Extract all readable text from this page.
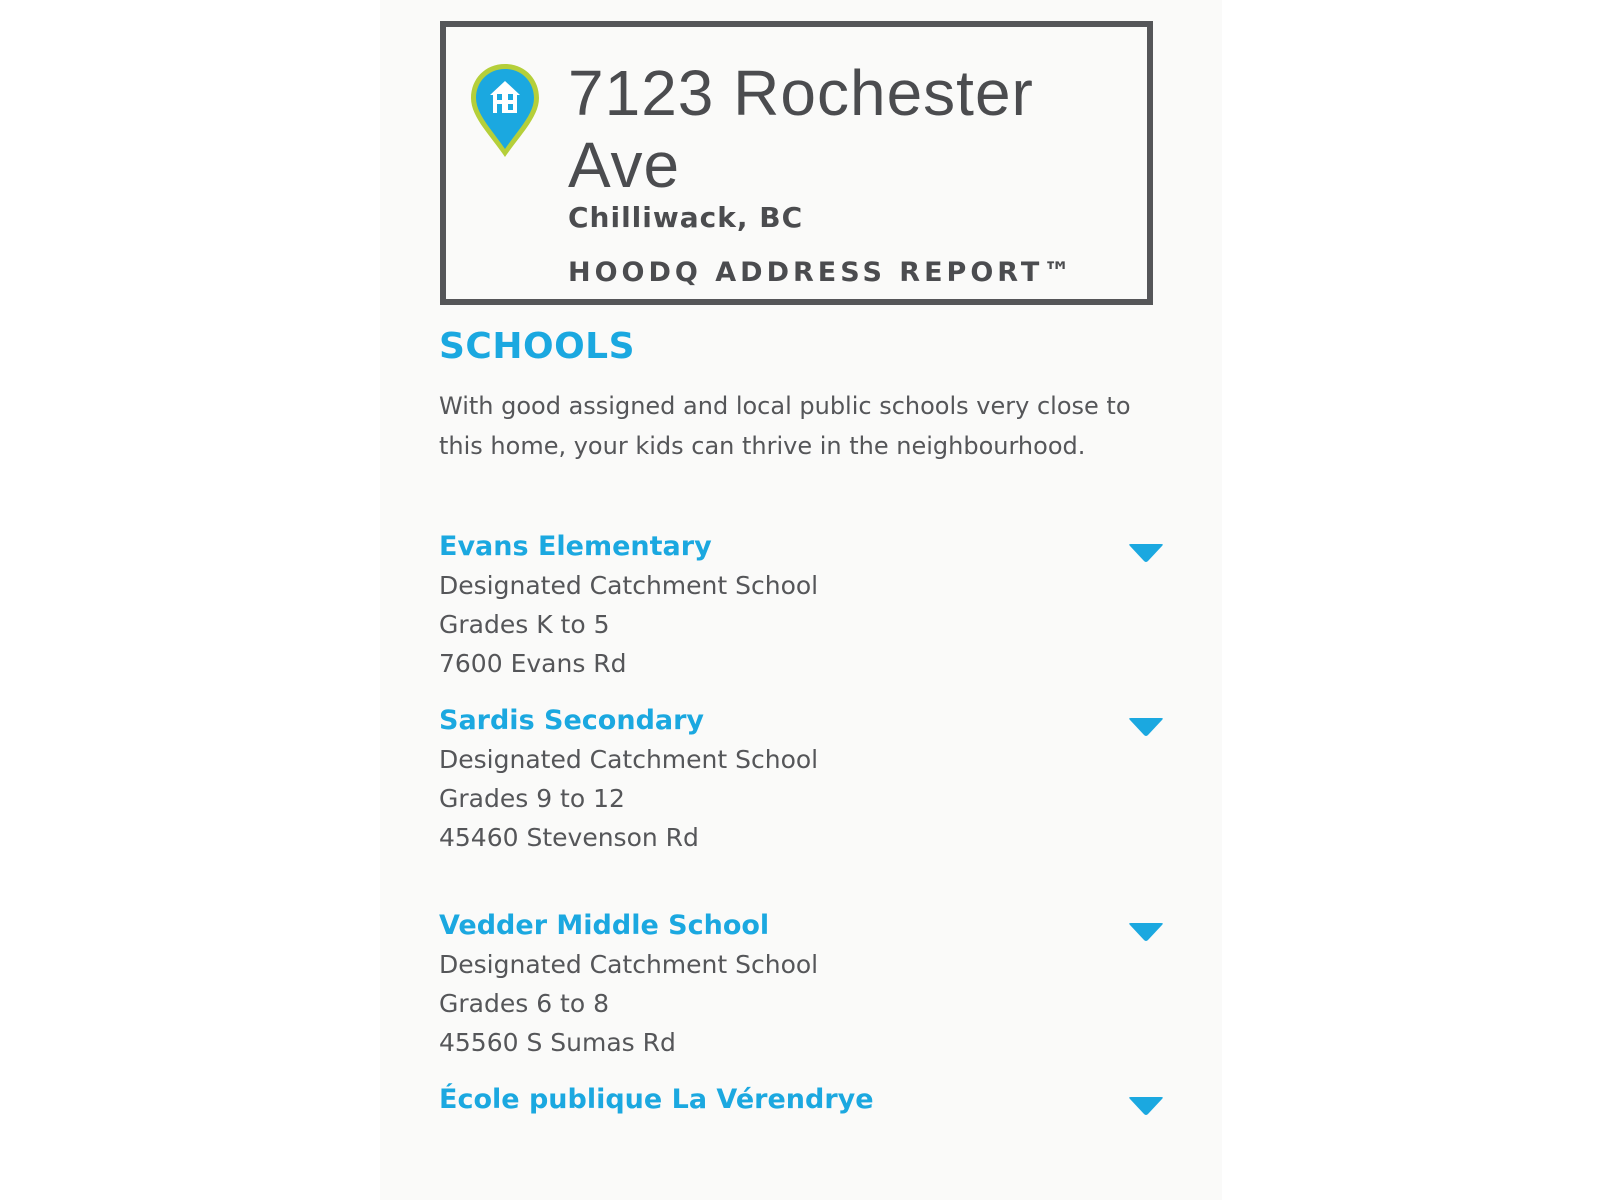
7123 Rochester Ave
Chilliwack, BC
HOODQ ADDRESS REPORT™
SCHOOLS
With good assigned and local public schools very close to this home, your kids can thrive in the neighbourhood.
Evans Elementary
Designated Catchment School
Grades K to 5
7600 Evans Rd
Sardis Secondary
Designated Catchment School
Grades 9 to 12
45460 Stevenson Rd
Vedder Middle School
Designated Catchment School
Grades 6 to 8
45560 S Sumas Rd
École publique La Vérendrye
